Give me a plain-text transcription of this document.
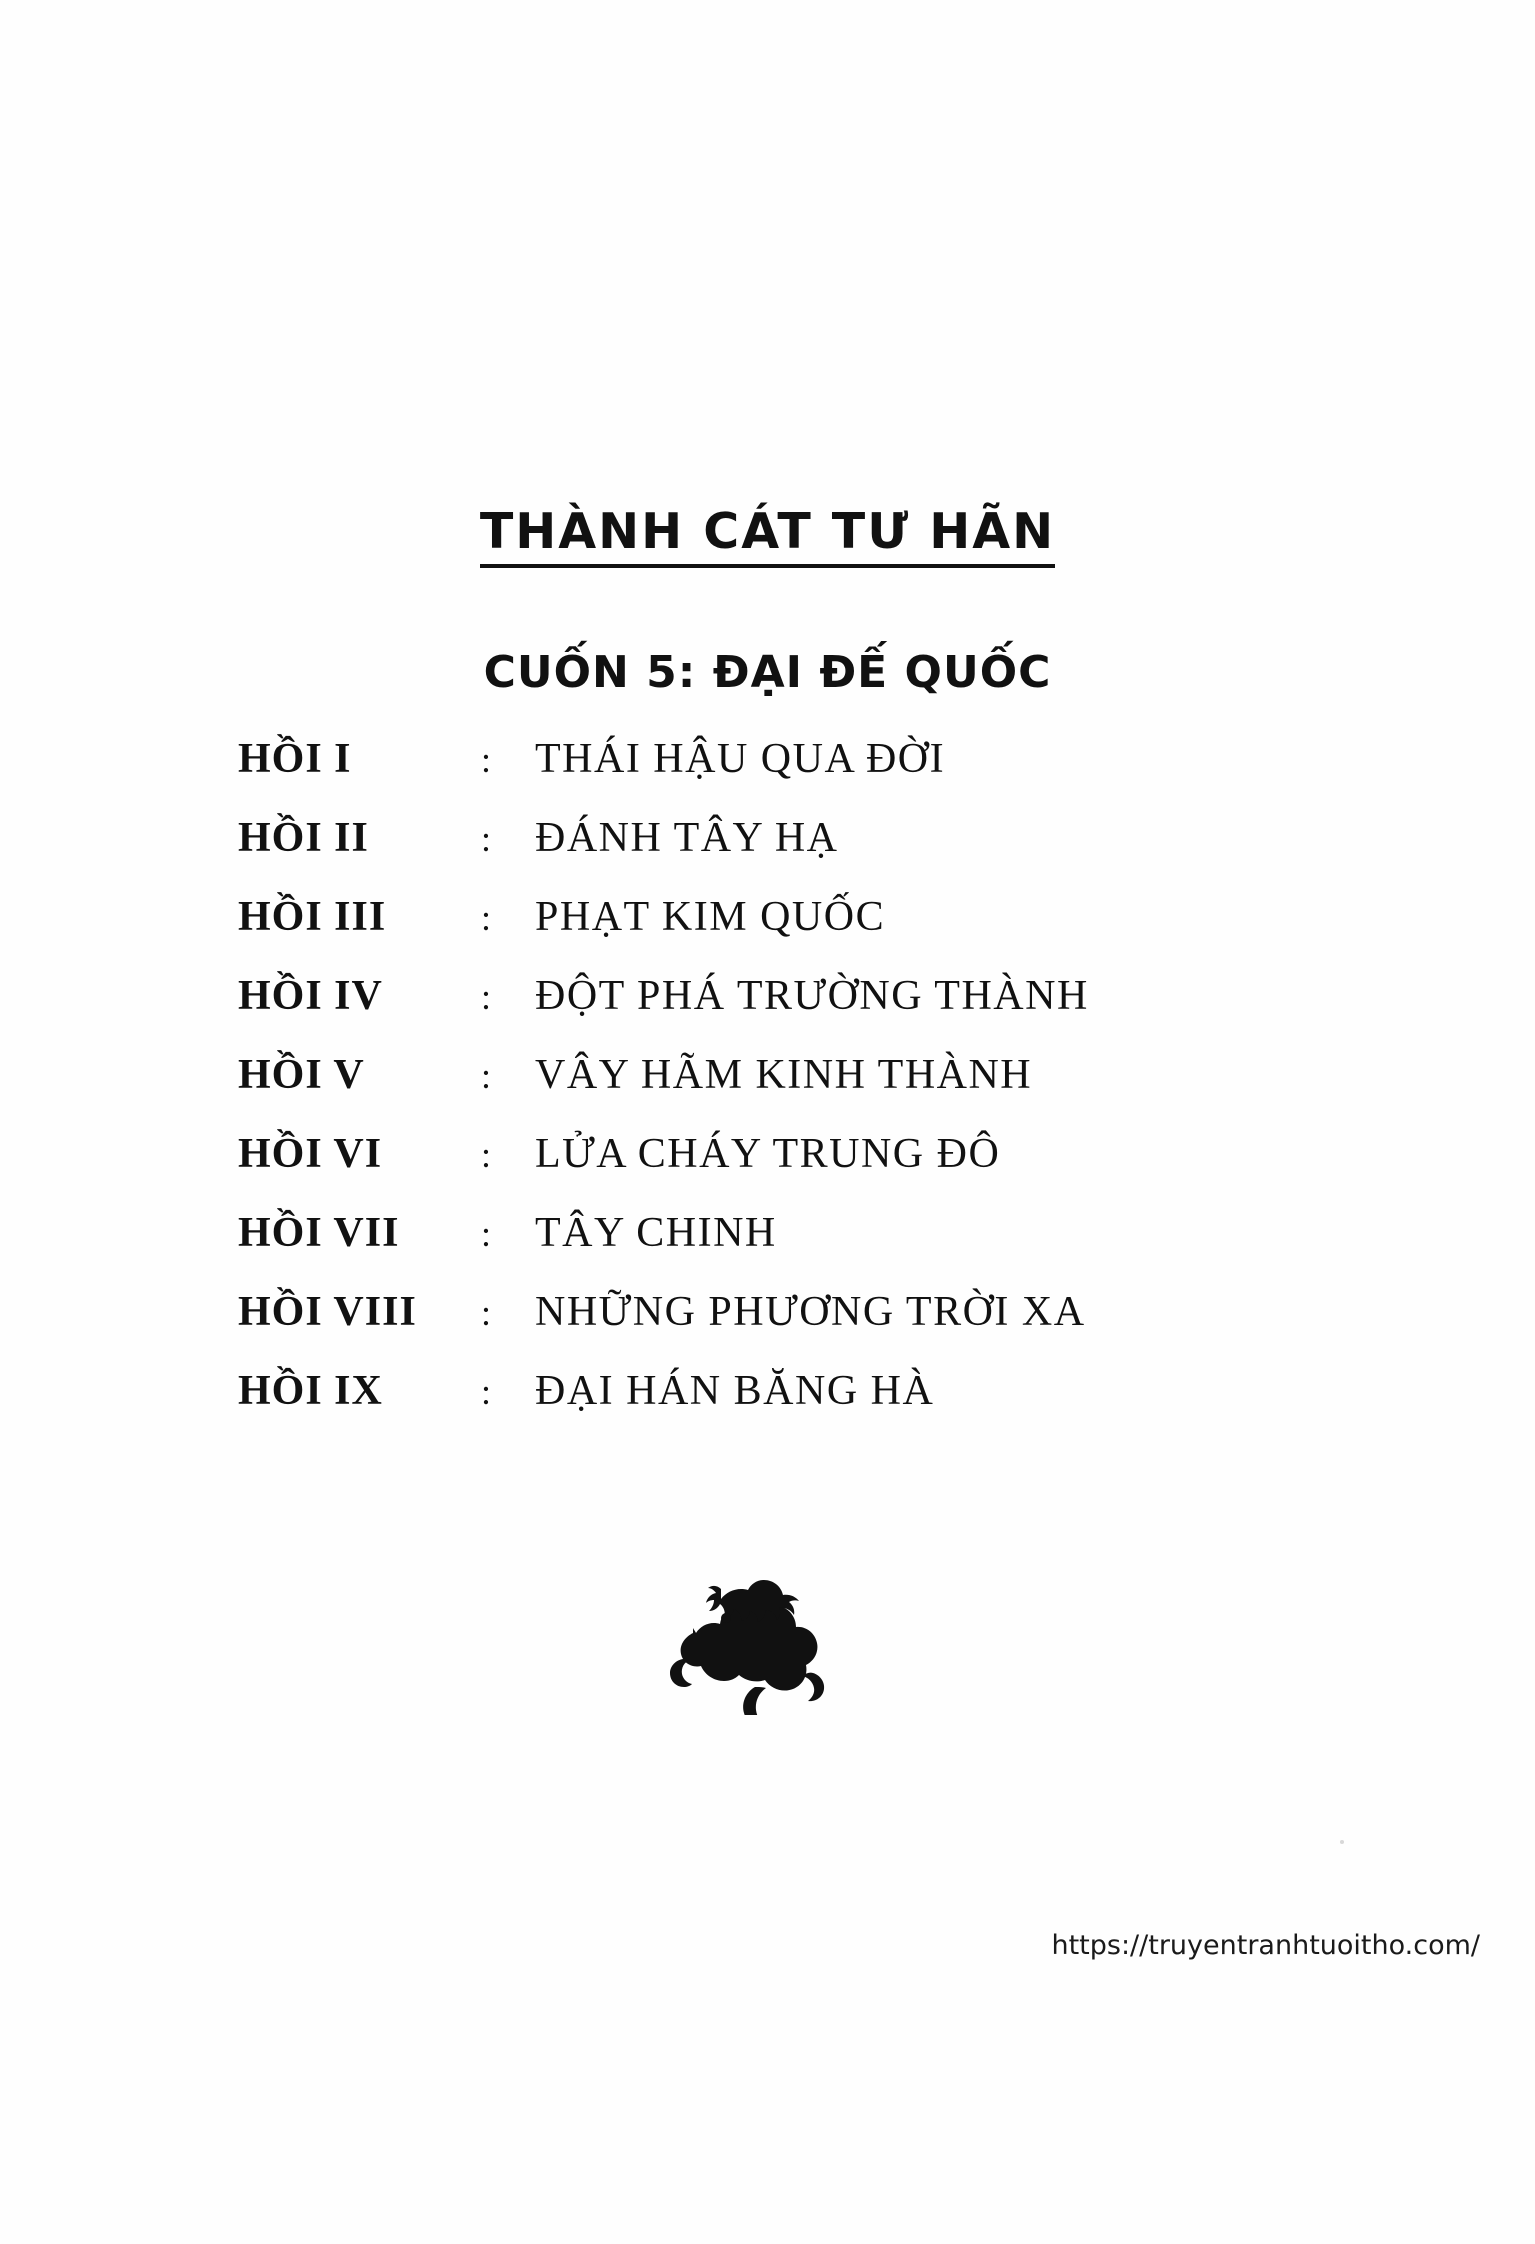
THÀNH CÁT TƯ HÃN
CUỐN 5: ĐẠI ĐẾ QUỐC
HỒI I	:	THÁI HẬU QUA ĐỜI
HỒI II	:	ĐÁNH TÂY HẠ
HỒI III	:	PHẠT KIM QUỐC
HỒI IV	:	ĐỘT PHÁ TRƯỜNG THÀNH
HỒI V	:	VÂY HÃM KINH THÀNH
HỒI VI	:	LỬA CHÁY TRUNG ĐÔ
HỒI VII	:	TÂY CHINH
HỒI VIII	:	NHỮNG PHƯƠNG TRỜI XA
HỒI IX	:	ĐẠI HÁN BĂNG HÀ
https://truyentranhtuoitho.com/
